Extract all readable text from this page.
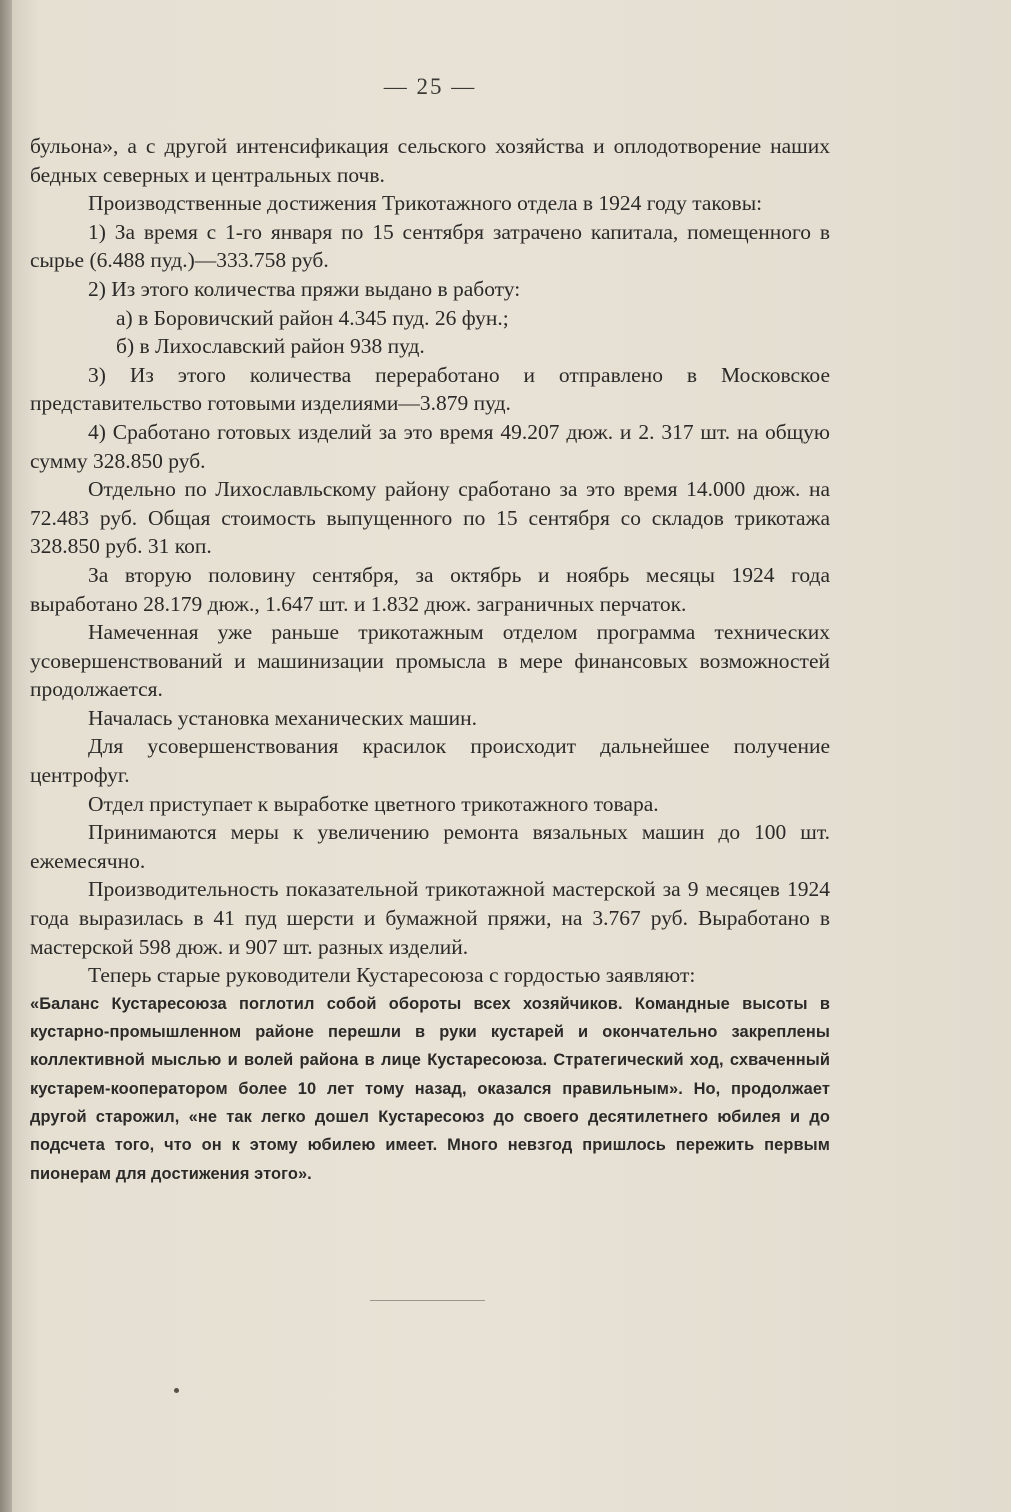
— 25 —

бульона», а с другой интенсификация сельского хозяйства и оплодотворение наших бедных северных и центральных почв.

Производственные достижения Трикотажного отдела в 1924 году таковы:

1) За время с 1-го января по 15 сентября затрачено капитала, помещенного в сырье (6.488 пуд.)—333.758 руб.

2) Из этого количества пряжи выдано в работу:

а) в Боровичский район 4.345 пуд. 26 фун.;

б) в Лихославский район 938 пуд.

3) Из этого количества переработано и отправлено в Московское представительство готовыми изделиями—3.879 пуд.

4) Сработано готовых изделий за это время 49.207 дюж. и 2. 317 шт. на общую сумму 328.850 руб.

Отдельно по Лихославльскому району сработано за это время 14.000 дюж. на 72.483 руб. Общая стоимость выпущенного по 15 сентября со складов трикотажа 328.850 руб. 31 коп.

За вторую половину сентября, за октябрь и ноябрь месяцы 1924 года выработано 28.179 дюж., 1.647 шт. и 1.832 дюж. заграничных перчаток.

Намеченная уже раньше трикотажным отделом программа технических усовершенствований и машинизации промысла в мере финансовых возможностей продолжается.

Началась установка механических машин.

Для усовершенствования красилок происходит дальнейшее получение центрофуг.

Отдел приступает к выработке цветного трикотажного товара.

Принимаются меры к увеличению ремонта вязальных машин до 100 шт. ежемесячно.

Производительность показательной трикотажной мастерской за 9 месяцев 1924 года выразилась в 41 пуд шерсти и бумажной пряжи, на 3.767 руб. Выработано в мастерской 598 дюж. и 907 шт. разных изделий.

Теперь старые руководители Кустаресоюза с гордостью заявляют:

«Баланс Кустаресоюза поглотил собой обороты всех хозяйчиков. Командные высоты в кустарно-промышленном районе перешли в руки кустарей и окончательно закреплены коллективной мыслью и волей района в лице Кустаресоюза. Стратегический ход, схваченный кустарем-кооператором более 10 лет тому назад, оказался правильным». Но, продолжает другой старожил, «не так легко дошел Кустаресоюз до своего десятилетнего юбилея и до подсчета того, что он к этому юбилею имеет. Много невзгод пришлось пережить первым пионерам для достижения этого».
